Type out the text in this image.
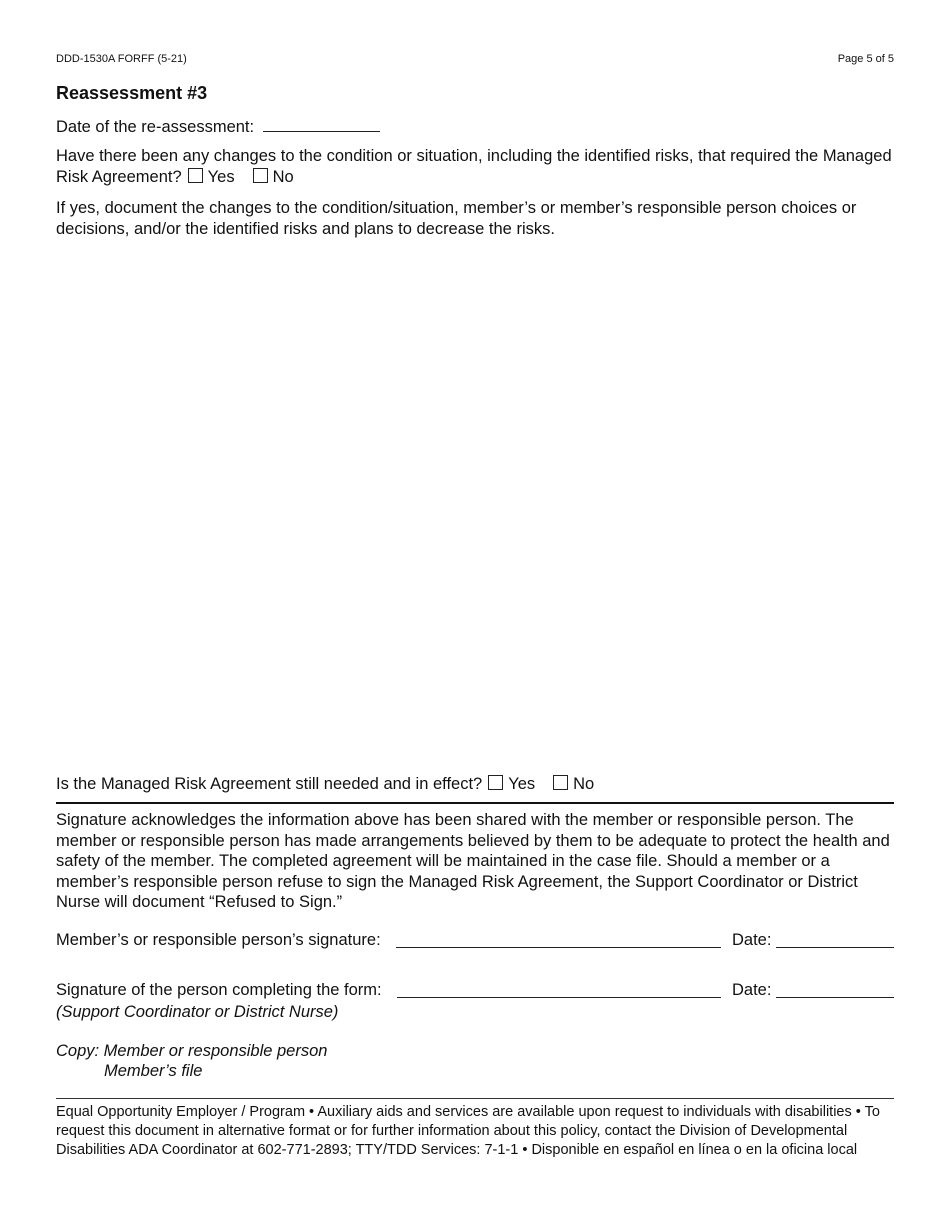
DDD-1530A FORFF (5-21)	Page 5 of 5
Reassessment #3
Date of the re-assessment:
Have there been any changes to the condition or situation, including the identified risks, that required the Managed Risk Agreement? Yes No
If yes, document the changes to the condition/situation, member’s or member’s responsible person choices or decisions, and/or the identified risks and plans to decrease the risks.
Is the Managed Risk Agreement still needed and in effect? Yes No
Signature acknowledges the information above has been shared with the member or responsible person. The member or responsible person has made arrangements believed by them to be adequate to protect the health and safety of the member. The completed agreement will be maintained in the case file. Should a member or a member’s responsible person refuse to sign the Managed Risk Agreement, the Support Coordinator or District Nurse will document “Refused to Sign.”
Member’s or responsible person’s signature:	Date:
Signature of the person completing the form:	Date:
(Support Coordinator or District Nurse)
Copy: Member or responsible person
Member’s file
Equal Opportunity Employer / Program • Auxiliary aids and services are available upon request to individuals with disabilities • To request this document in alternative format or for further information about this policy, contact the Division of Developmental Disabilities ADA Coordinator at 602-771-2893; TTY/TDD Services: 7-1-1 • Disponible en español en línea o en la oficina local
